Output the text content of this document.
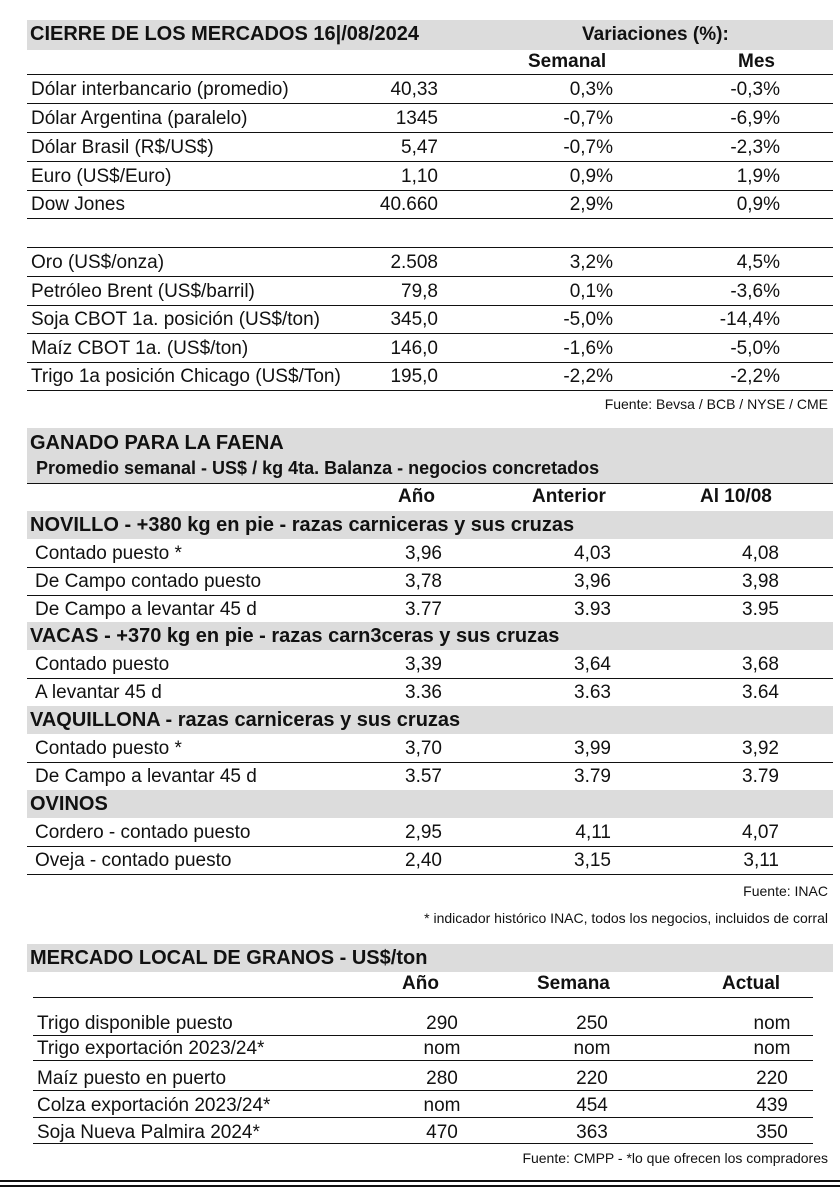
CIERRE DE LOS MERCADOS 16|/08/2024	Variaciones (%):
Semanal	Mes
Dólar interbancario (promedio)	40,33	0,3%	-0,3%
Dólar Argentina (paralelo)	1345	-0,7%	-6,9%
Dólar Brasil (R$/US$)	5,47	-0,7%	-2,3%
Euro (US$/Euro)	1,10	0,9%	1,9%
Dow Jones	40.660	2,9%	0,9%
Oro (US$/onza)	2.508	3,2%	4,5%
Petróleo Brent (US$/barril)	79,8	0,1%	-3,6%
Soja CBOT 1a. posición (US$/ton)	345,0	-5,0%	-14,4%
Maíz CBOT 1a. (US$/ton)	146,0	-1,6%	-5,0%
Trigo 1a posición Chicago (US$/Ton)	195,0	-2,2%	-2,2%
Fuente: Bevsa / BCB / NYSE / CME
GANADO PARA LA FAENA
Promedio semanal - US$ / kg 4ta. Balanza - negocios concretados
Año	Anterior	Al 10/08
NOVILLO - +380 kg en pie - razas carniceras y sus cruzas
Contado puesto *	3,96	4,03	4,08
De Campo contado puesto	3,78	3,96	3,98
De Campo a levantar 45 d	3.77	3.93	3.95
VACAS - +370 kg en pie - razas carn3ceras y sus cruzas
Contado puesto	3,39	3,64	3,68
A levantar 45 d	3.36	3.63	3.64
VAQUILLONA - razas carniceras y sus cruzas
Contado puesto *	3,70	3,99	3,92
De Campo a levantar 45 d	3.57	3.79	3.79
OVINOS
Cordero - contado puesto	2,95	4,11	4,07
Oveja - contado puesto	2,40	3,15	3,11
Fuente: INAC
* indicador histórico INAC, todos los negocios, incluidos de corral
MERCADO LOCAL DE GRANOS - US$/ton
Año	Semana	Actual
Trigo disponible puesto	290	250	nom
Trigo exportación 2023/24*	nom	nom	nom
Maíz puesto en puerto	280	220	220
Colza exportación 2023/24*	nom	454	439
Soja Nueva Palmira 2024*	470	363	350
Fuente: CMPP - *lo que ofrecen los compradores
